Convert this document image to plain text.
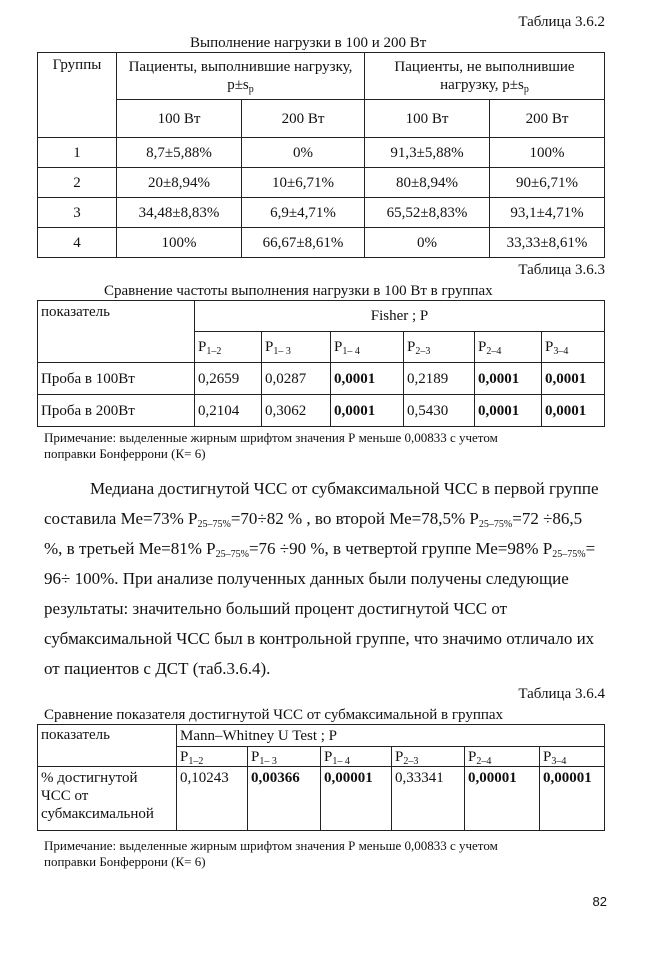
Таблица 3.6.2
Выполнение нагрузки в 100 и 200 Вт
Группы	Пациенты, выполнившие нагрузку, $p\pm s_p$		Пациенты, не выполнившие нагрузку, $p\pm s_p$
	100 Вт	200 Вт	100 Вт	200 Вт
1	8,7±5,88%	0%	91,3±5,88%	100%
2	20±8,94%	10±6,71%	80±8,94%	90±6,71%
3	34,48±8,83%	6,9±4,71%	65,52±8,83%	93,1±4,71%
4	100%	66,67±8,61%	0%	33,33±8,61%
Таблица 3.6.3
Сравнение частоты выполнения нагрузки в 100 Вт в группах
показатель	Fisher ; P					
	$P_{1-2}$	$P_{1- 3}$	$P_{1- 4}$	$P_{2-3}$	$P_{2-4}$	$P_{3-4}$
Проба в 100Вт	0,2659	0,0287	0,0001	0,2189	0,0001	0,0001
Проба в 200Вт	0,2104	0,3062	0,0001	0,5430	0,0001	0,0001
Примечание: выделенные жирным шрифтом значения Р меньше 0,00833 с учетом
поправки Бонферрони (К= 6)
Медиана достигнутой ЧСС от субмаксимальной ЧСС в первой группе
составила Ме=73% $Р_{25-75\%}=70\div 82$ % , во второй Ме=78,5% $Р_{25-75\%}=72 \div 86,5$
%, в третьей Ме=81% $Р_{25-75\%}=76 \div 90$ %, в четвертой группе Ме=98% $Р_{25-75\%}=$
96÷ 100%. При анализе полученных данных были получены следующие
результаты: значительно больший процент достигнутой ЧСС от
субмаксимальной ЧСС был в контрольной группе, что значимо отличало их
от пациентов с ДСТ (таб.3.6.4).
Таблица 3.6.4
Сравнение показателя достигнутой ЧСС от субмаксимальной в группах
показатель	Mann–Whitney U Test ; P					
	$P_{1-2}$	$P_{1- 3}$	$P_{1- 4}$	$P_{2-3}$	$P_{2-4}$	$P_{3-4}$

% достигнутой
ЧСС от
субмаксимальной	0,10243	0,00366	0,00001	0,33341	0,00001	0,00001
Примечание: выделенные жирным шрифтом значения Р меньше 0,00833 с учетом
поправки Бонферрони (К= 6)
82
